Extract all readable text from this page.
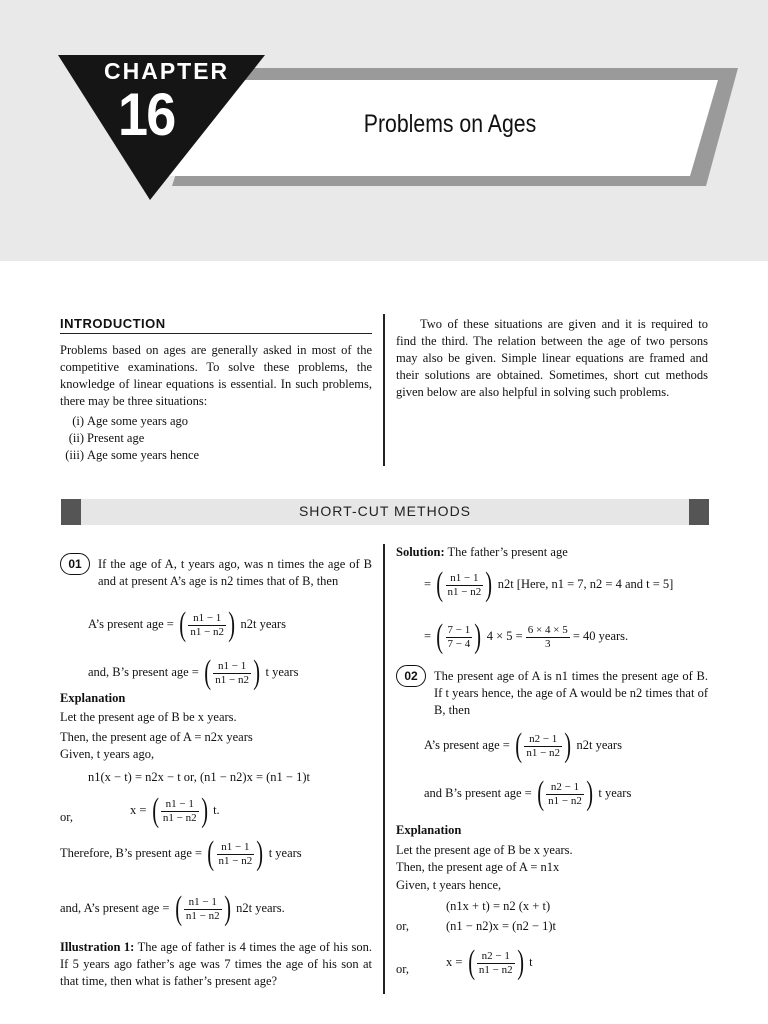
CHAPTER
16	Problems on Ages
INTRODUCTION
Problems based on ages are generally asked in most of the competitive examinations. To solve these problems, the knowledge of linear equations is essential. In such problems, there may be three situations:
(i) Age some years ago
(ii) Present age
(iii) Age some years hence
Two of these situations are given and it is required to find the third. The relation between the age of two persons may also be given. Simple linear equations are framed and their solutions are obtained. Sometimes, short cut methods given below are also helpful in solving such problems.
SHORT-CUT METHODS
01	If the age of A, t years ago, was n times the age of B and at present A’s age is n2 times that of B, then
A’s present age = ( $\frac{n1 - 1}{n1 - n2}$ ) n2t years
and, B’s present age = ( $\frac{n1 - 1}{n1 - n2}$ ) t years
Explanation
Let the present age of B be x years.
Then, the present age of A = n2x years
Given, t years ago,
n1(x − t) = n2x − t or, (n1 − n2)x = (n1 − 1)t
or,
x = ( $\frac{n1 - 1}{n1 - n2}$ ) t.
Therefore, B’s present age = ( $\frac{n1 - 1}{n1 - n2}$ ) t years
and, A’s present age = ( $\frac{n1 - 1}{n1 - n2}$ ) n2t years.
Illustration 1: The age of father is 4 times the age of his son. If 5 years ago father’s age was 7 times the age of his son at that time, then what is father’s present age?
Solution: The father’s present age
= ( $\frac{n1 - 1}{n1 - n2}$ ) n2t [Here, n1 = 7, n2 = 4 and t = 5]
= ( $\frac{7 - 1}{7 - 4}$ ) $4 \times 5 = \frac{6 \times 4 \times 5}{3} = 40$ years.
02	The present age of A is n1 times the present age of B. If t years hence, the age of A would be n2 times that of B, then
A’s present age = ( $\frac{n2 - 1}{n1 - n2}$ ) n2t years
and B’s present age = ( $\frac{n2 - 1}{n1 - n2}$ ) t years
Explanation
Let the present age of B be x years.
Then, the present age of A = n1x
Given, t years hence,
(n1x + t) = n2 (x + t)
or,	(n1 − n2)x = (n2 − 1)t
or,
x = ( $\frac{n2 - 1}{n1 - n2}$ ) t
